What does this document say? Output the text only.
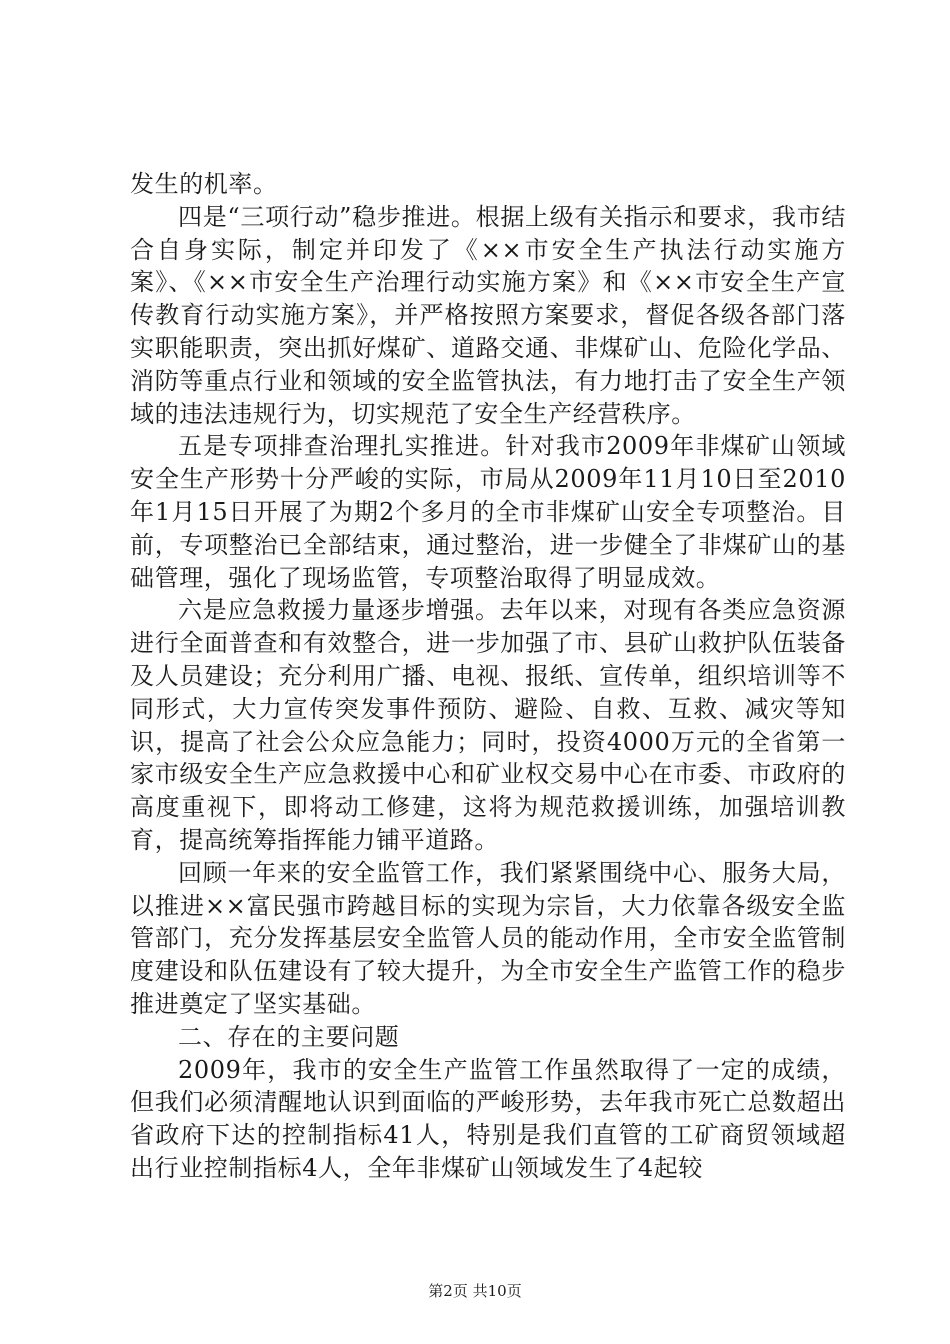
发生的机率。

四是“三项行动”稳步推进。根据上级有关指示和要求，我市结合自身实际，制定并印发了《××市安全生产执法行动实施方案》、《××市安全生产治理行动实施方案》和《××市安全生产宣传教育行动实施方案》，并严格按照方案要求，督促各级各部门落实职能职责，突出抓好煤矿、道路交通、非煤矿山、危险化学品、消防等重点行业和领域的安全监管执法，有力地打击了安全生产领域的违法违规行为，切实规范了安全生产经营秩序。

五是专项排查治理扎实推进。针对我市2009年非煤矿山领域安全生产形势十分严峻的实际，市局从2009年11月10日至2010年1月15日开展了为期2个多月的全市非煤矿山安全专项整治。目前，专项整治已全部结束，通过整治，进一步健全了非煤矿山的基础管理，强化了现场监管，专项整治取得了明显成效。

六是应急救援力量逐步增强。去年以来，对现有各类应急资源进行全面普查和有效整合，进一步加强了市、县矿山救护队伍装备及人员建设；充分利用广播、电视、报纸、宣传单，组织培训等不同形式，大力宣传突发事件预防、避险、自救、互救、减灾等知识，提高了社会公众应急能力；同时，投资4000万元的全省第一家市级安全生产应急救援中心和矿业权交易中心在市委、市政府的高度重视下，即将动工修建，这将为规范救援训练，加强培训教育，提高统筹指挥能力铺平道路。

回顾一年来的安全监管工作，我们紧紧围绕中心、服务大局，以推进××富民强市跨越目标的实现为宗旨，大力依靠各级安全监管部门，充分发挥基层安全监管人员的能动作用，全市安全监管制度建设和队伍建设有了较大提升，为全市安全生产监管工作的稳步推进奠定了坚实基础。

二、存在的主要问题

2009年，我市的安全生产监管工作虽然取得了一定的成绩，但我们必须清醒地认识到面临的严峻形势，去年我市死亡总数超出省政府下达的控制指标41人，特别是我们直管的工矿商贸领域超出行业控制指标4人，全年非煤矿山领域发生了4起较

第2页 共10页
